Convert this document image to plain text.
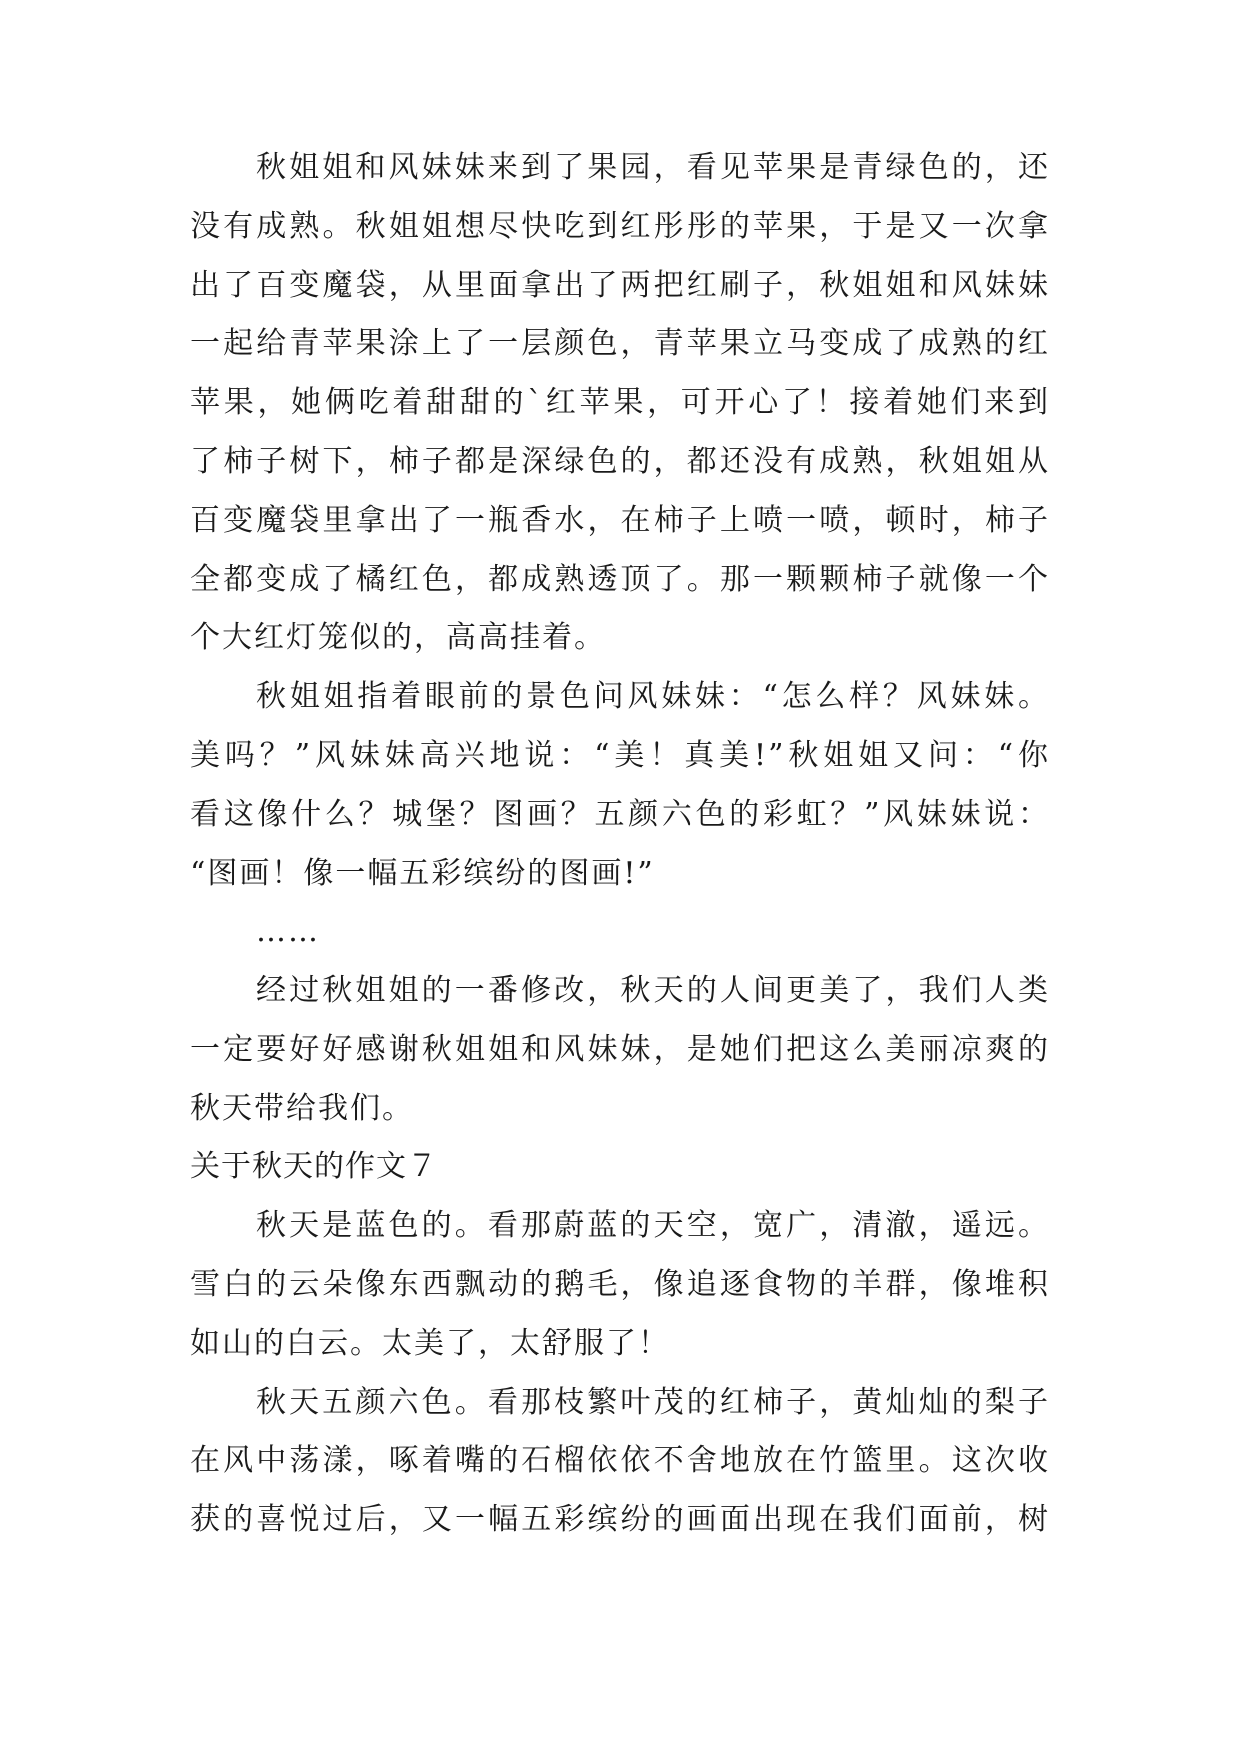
秋姐姐和风妹妹来到了果园，看见苹果是青绿色的，还

没有成熟。秋姐姐想尽快吃到红彤彤的苹果，于是又一次拿

出了百变魔袋，从里面拿出了两把红刷子，秋姐姐和风妹妹

一起给青苹果涂上了一层颜色，青苹果立马变成了成熟的红

苹果，她俩吃着甜甜的`红苹果，可开心了！接着她们来到

了柿子树下，柿子都是深绿色的，都还没有成熟，秋姐姐从

百变魔袋里拿出了一瓶香水，在柿子上喷一喷，顿时，柿子

全都变成了橘红色，都成熟透顶了。那一颗颗柿子就像一个

个大红灯笼似的，高高挂着。

秋姐姐指着眼前的景色问风妹妹：“怎么样？风妹妹。

美吗？”风妹妹高兴地说：“美！真美!”秋姐姐又问：“你

看这像什么？城堡？图画？五颜六色的彩虹？”风妹妹说：

“图画！像一幅五彩缤纷的图画!”

……

经过秋姐姐的一番修改，秋天的人间更美了，我们人类

一定要好好感谢秋姐姐和风妹妹，是她们把这么美丽凉爽的

秋天带给我们。

关于秋天的作文７

秋天是蓝色的。看那蔚蓝的天空，宽广，清澈，遥远。

雪白的云朵像东西飘动的鹅毛，像追逐食物的羊群，像堆积

如山的白云。太美了，太舒服了！

秋天五颜六色。看那枝繁叶茂的红柿子，黄灿灿的梨子

在风中荡漾，啄着嘴的石榴依依不舍地放在竹篮里。这次收

获的喜悦过后，又一幅五彩缤纷的画面出现在我们面前，树
